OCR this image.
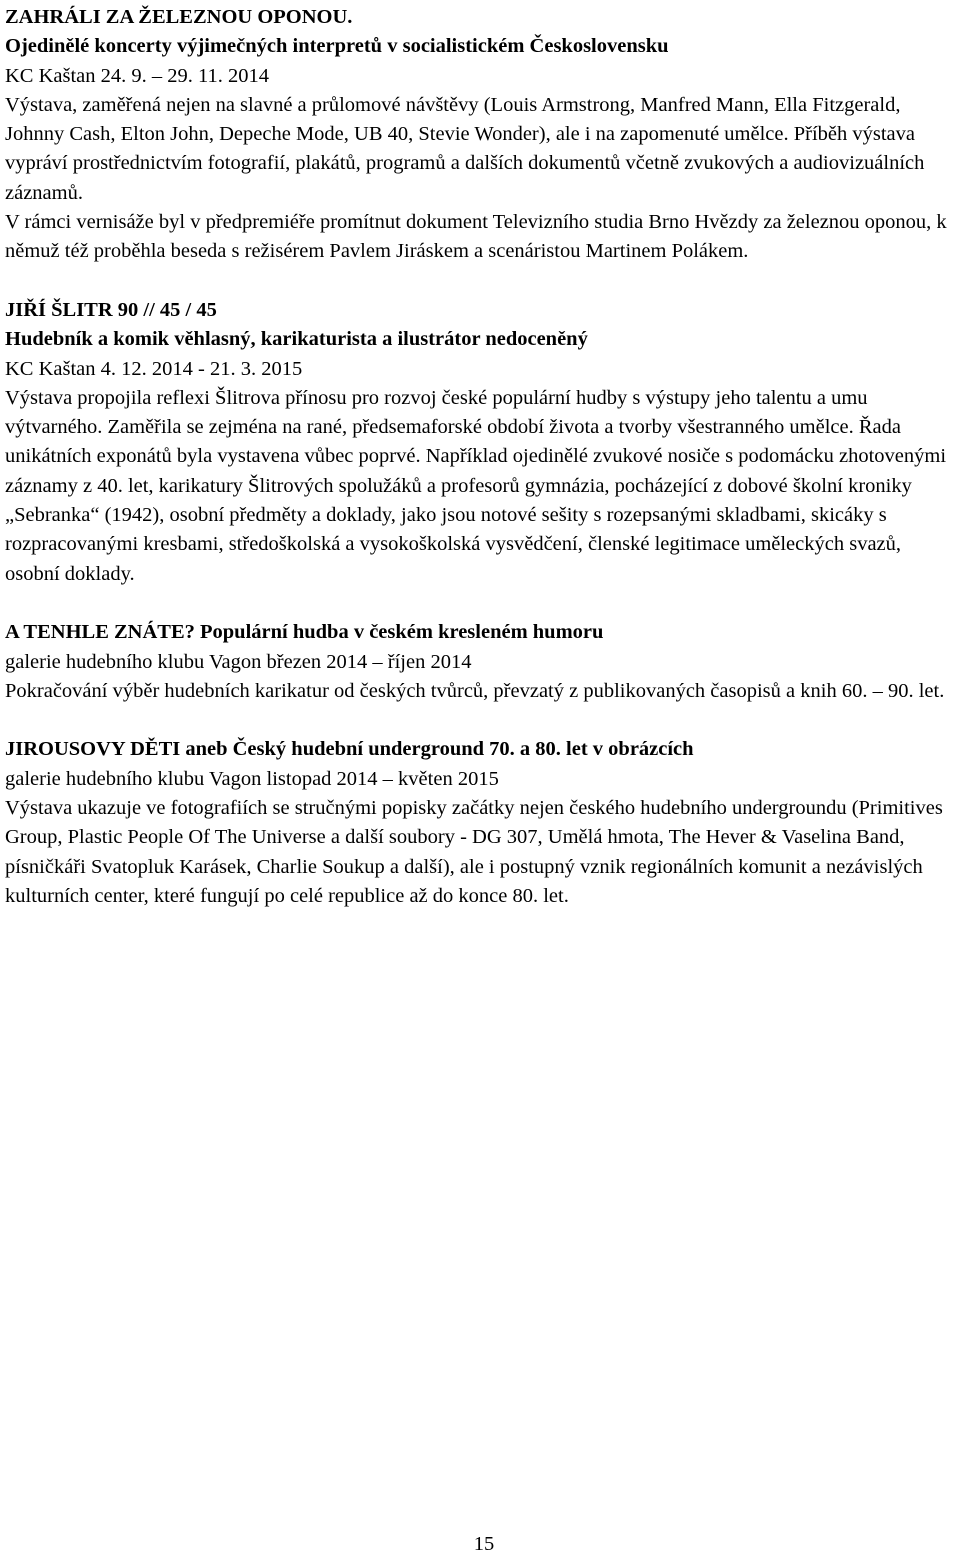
ZAHRÁLI ZA ŽELEZNOU OPONOU.

Ojedinělé koncerty výjimečných interpretů v socialistickém Československu

KC Kaštan 24. 9. – 29. 11. 2014

Výstava, zaměřená nejen na slavné a průlomové návštěvy (Louis Armstrong, Manfred Mann, Ella Fitzgerald, Johnny Cash, Elton John, Depeche Mode, UB 40, Stevie Wonder), ale i na zapomenuté umělce. Příběh výstava vypráví prostřednictvím fotografií, plakátů, programů a dalších dokumentů včetně zvukových a audiovizuálních záznamů.

V rámci vernisáže byl v předpremiéře promítnut dokument Televizního studia Brno Hvězdy za železnou oponou, k němuž též proběhla beseda s režisérem Pavlem Jiráskem a scenáristou Martinem Polákem.

JIŘÍ ŠLITR 90 // 45 / 45

Hudebník a komik věhlasný, karikaturista a ilustrátor nedoceněný

KC Kaštan 4. 12. 2014 - 21. 3. 2015

Výstava propojila reflexi Šlitrova přínosu pro rozvoj české populární hudby s výstupy jeho talentu a umu výtvarného. Zaměřila se zejména na rané, předsemaforské období života a tvorby všestranného umělce. Řada unikátních exponátů byla vystavena vůbec poprvé. Například ojedinělé zvukové nosiče s podomácku zhotovenými záznamy z 40. let, karikatury Šlitrových spolužáků a profesorů gymnázia, pocházející z dobové školní kroniky „Sebranka“ (1942), osobní předměty a doklady, jako jsou notové sešity s rozepsanými skladbami, skicáky s rozpracovanými kresbami, středoškolská a vysokoškolská vysvědčení, členské legitimace uměleckých svazů, osobní doklady.

A TENHLE ZNÁTE? Populární hudba v českém kresleném humoru

galerie hudebního klubu Vagon březen 2014 – říjen 2014

Pokračování výběr hudebních karikatur od českých tvůrců, převzatý z publikovaných časopisů a knih 60. – 90. let.

JIROUSOVY DĚTI aneb Český hudební underground 70. a 80. let v obrázcích

galerie hudebního klubu Vagon listopad 2014 – květen 2015

Výstava ukazuje ve fotografiích se stručnými popisky začátky nejen českého hudebního undergroundu (Primitives Group, Plastic People Of The Universe a další soubory - DG 307, Umělá hmota, The Hever & Vaselina Band, písničkáři Svatopluk Karásek, Charlie Soukup a další), ale i postupný vznik regionálních komunit a nezávislých kulturních center, které fungují po celé republice až do konce 80. let.

15
